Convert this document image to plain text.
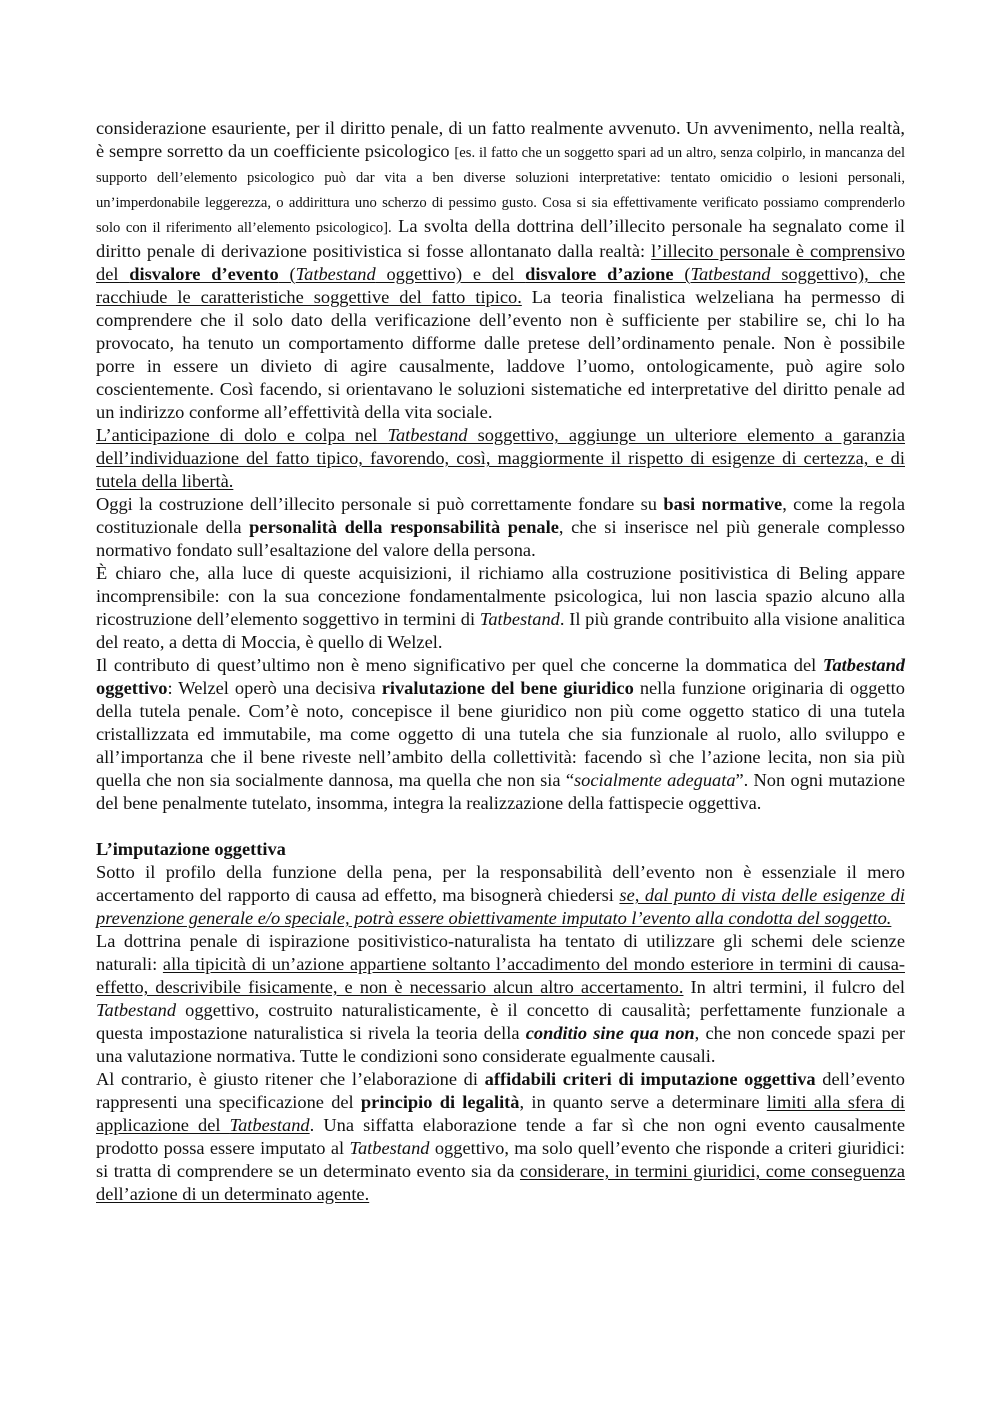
considerazione esauriente, per il diritto penale, di un fatto realmente avvenuto. Un avvenimento, nella realtà, è sempre sorretto da un coefficiente psicologico [es. il fatto che un soggetto spari ad un altro, senza colpirlo, in mancanza del supporto dell’elemento psicologico può dar vita a ben diverse soluzioni interpretative: tentato omicidio o lesioni personali, un’imperdonabile leggerezza, o addirittura uno scherzo di pessimo gusto. Cosa si sia effettivamente verificato possiamo comprenderlo solo con il riferimento all’elemento psicologico]. La svolta della dottrina dell’illecito personale ha segnalato come il diritto penale di derivazione positivistica si fosse allontanato dalla realtà: l’illecito personale è comprensivo del disvalore d’evento (Tatbestand oggettivo) e del disvalore d’azione (Tatbestand soggettivo), che racchiude le caratteristiche soggettive del fatto tipico. La teoria finalistica welzeliana ha permesso di comprendere che il solo dato della verificazione dell’evento non è sufficiente per stabilire se, chi lo ha provocato, ha tenuto un comportamento difforme dalle pretese dell’ordinamento penale. Non è possibile porre in essere un divieto di agire causalmente, laddove l’uomo, ontologicamente, può agire solo coscientemente. Così facendo, si orientavano le soluzioni sistematiche ed interpretative del diritto penale ad un indirizzo conforme all’effettività della vita sociale.

L’anticipazione di dolo e colpa nel Tatbestand soggettivo, aggiunge un ulteriore elemento a garanzia dell’individuazione del fatto tipico, favorendo, così, maggiormente il rispetto di esigenze di certezza, e di tutela della libertà.

Oggi la costruzione dell’illecito personale si può correttamente fondare su basi normative, come la regola costituzionale della personalità della responsabilità penale, che si inserisce nel più generale complesso normativo fondato sull’esaltazione del valore della persona.

È chiaro che, alla luce di queste acquisizioni, il richiamo alla costruzione positivistica di Beling appare incomprensibile: con la sua concezione fondamentalmente psicologica, lui non lascia spazio alcuno alla ricostruzione dell’elemento soggettivo in termini di Tatbestand. Il più grande contribuito alla visione analitica del reato, a detta di Moccia, è quello di Welzel.

Il contributo di quest’ultimo non è meno significativo per quel che concerne la dommatica del Tatbestand oggettivo: Welzel operò una decisiva rivalutazione del bene giuridico nella funzione originaria di oggetto della tutela penale. Com’è noto, concepisce il bene giuridico non più come oggetto statico di una tutela cristallizzata ed immutabile, ma come oggetto di una tutela che sia funzionale al ruolo, allo sviluppo e all’importanza che il bene riveste nell’ambito della collettività: facendo sì che l’azione lecita, non sia più quella che non sia socialmente dannosa, ma quella che non sia “socialmente adeguata”. Non ogni mutazione del bene penalmente tutelato, insomma, integra la realizzazione della fattispecie oggettiva.

L’imputazione oggettiva

Sotto il profilo della funzione della pena, per la responsabilità dell’evento non è essenziale il mero accertamento del rapporto di causa ad effetto, ma bisognerà chiedersi se, dal punto di vista delle esigenze di prevenzione generale e/o speciale, potrà essere obiettivamente imputato l’evento alla condotta del soggetto.

La dottrina penale di ispirazione positivistico-naturalista ha tentato di utilizzare gli schemi dele scienze naturali: alla tipicità di un’azione appartiene soltanto l’accadimento del mondo esteriore in termini di causa-effetto, descrivibile fisicamente, e non è necessario alcun altro accertamento. In altri termini, il fulcro del Tatbestand oggettivo, costruito naturalisticamente, è il concetto di causalità; perfettamente funzionale a questa impostazione naturalistica si rivela la teoria della conditio sine qua non, che non concede spazi per una valutazione normativa. Tutte le condizioni sono considerate egualmente causali.

Al contrario, è giusto ritener che l’elaborazione di affidabili criteri di imputazione oggettiva dell’evento rappresenti una specificazione del principio di legalità, in quanto serve a determinare limiti alla sfera di applicazione del Tatbestand. Una siffatta elaborazione tende a far sì che non ogni evento causalmente prodotto possa essere imputato al Tatbestand oggettivo, ma solo quell’evento che risponde a criteri giuridici: si tratta di comprendere se un determinato evento sia da considerare, in termini giuridici, come conseguenza dell’azione di un determinato agente.
